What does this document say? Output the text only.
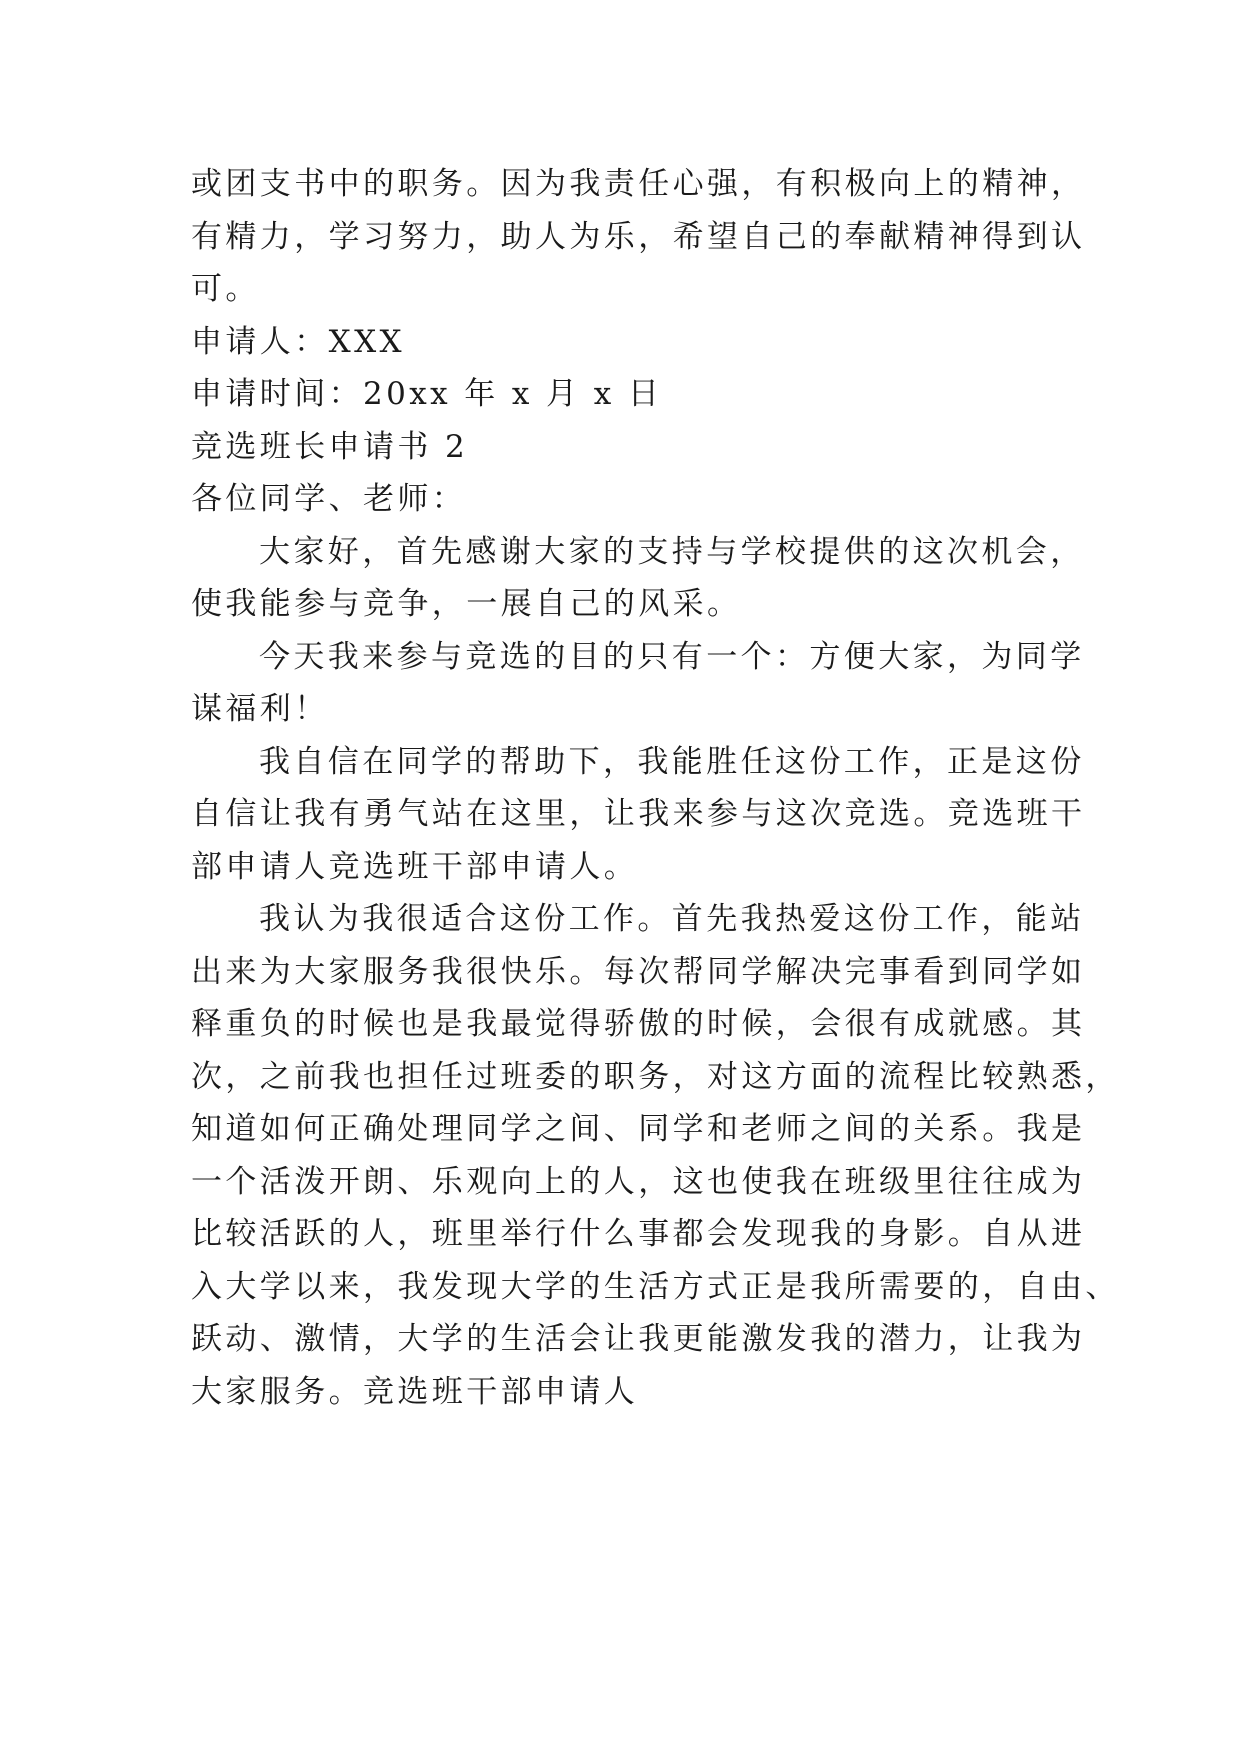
或团支书中的职务。因为我责任心强，有积极向上的精神，
有精力，学习努力，助人为乐，希望自己的奉献精神得到认
可。
申请人：XXX
申请时间：20xx 年 x 月 x 日
竞选班长申请书 2
各位同学、老师：
大家好，首先感谢大家的支持与学校提供的这次机会，
使我能参与竞争，一展自己的风采。
今天我来参与竞选的目的只有一个：方便大家，为同学
谋福利！
我自信在同学的帮助下，我能胜任这份工作，正是这份
自信让我有勇气站在这里，让我来参与这次竞选。竞选班干
部申请人竞选班干部申请人。
我认为我很适合这份工作。首先我热爱这份工作，能站
出来为大家服务我很快乐。每次帮同学解决完事看到同学如
释重负的时候也是我最觉得骄傲的时候，会很有成就感。其
次，之前我也担任过班委的职务，对这方面的流程比较熟悉，
知道如何正确处理同学之间、同学和老师之间的关系。我是
一个活泼开朗、乐观向上的人，这也使我在班级里往往成为
比较活跃的人，班里举行什么事都会发现我的身影。自从进
入大学以来，我发现大学的生活方式正是我所需要的，自由、
跃动、激情，大学的生活会让我更能激发我的潜力，让我为
大家服务。竞选班干部申请人
